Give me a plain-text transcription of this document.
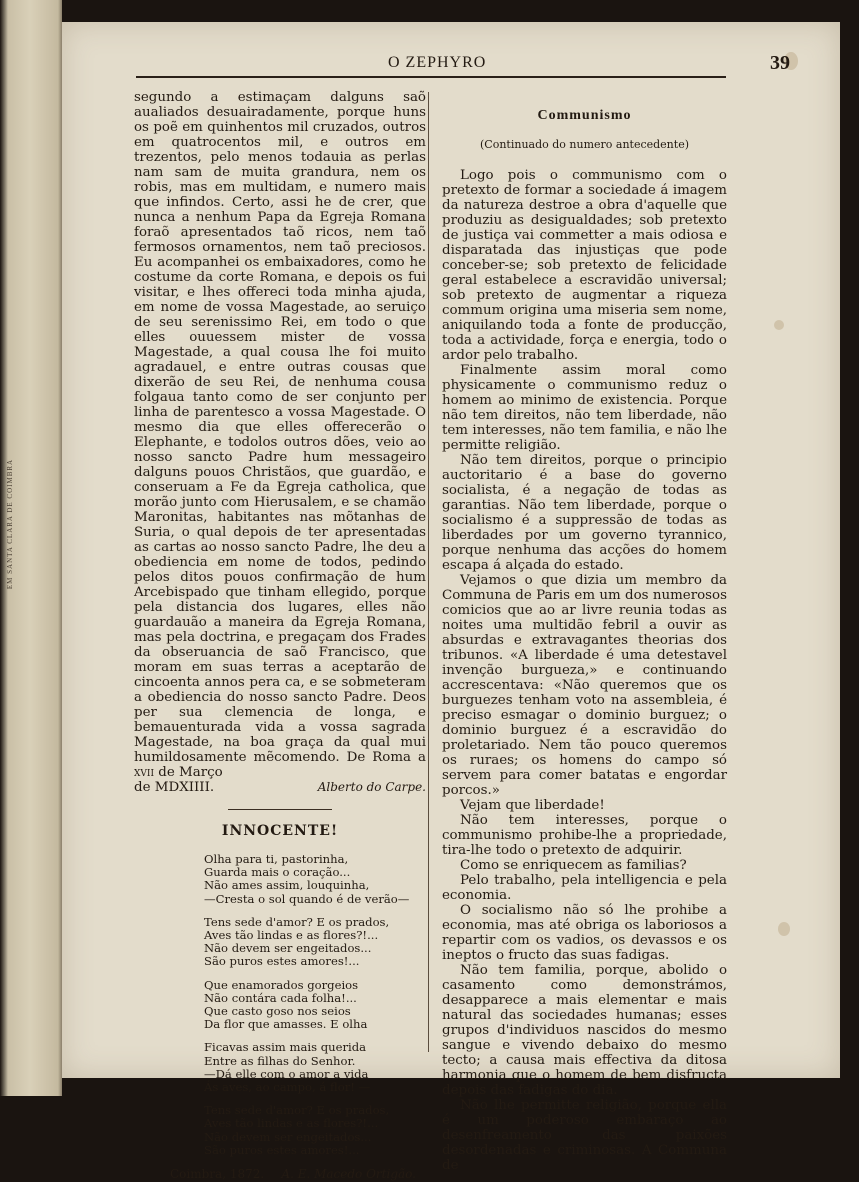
EM SANTA CLARA DE COIMBRA
O ZEPHYRO	39

segundo a estimaçam dalguns saõ aualiados desuairadamente, porque huns os poẽ em quinhentos mil cruzados, outros em quatrocentos mil, e outros em trezentos, pelo menos todauia as perlas nam sam de muita grandura, nem os robis, mas em multidam, e numero mais que infindos. Certo, assi he de crer, que nunca a nenhum Papa da Egreja Romana foraõ apresentados taõ ricos, nem taõ fermosos ornamentos, nem taõ preciosos. Eu acompanhei os embaixadores, como he costume da corte Romana, e depois os fui visitar, e lhes offereci toda minha ajuda, em nome de vossa Magestade, ao seruiço de seu serenissimo Rei, em todo o que elles ouuessem mister de vossa Magestade, a qual cousa lhe foi muito agradauel, e entre outras cousas que dixerão de seu Rei, de nenhuma cousa folgaua tanto como de ser conjunto per linha de parentesco a vossa Magestade. O mesmo dia que elles offerecerão o Elephante, e todolos outros dões, veio ao nosso sancto Padre hum messageiro dalguns pouos Christãos, que guardão, e conseruam a Fe da Egreja catholica, que morão junto com Hierusalem, e se chamão Maronitas, habitantes nas mõtanhas de Suria, o qual depois de ter apresentadas as cartas ao nosso sancto Padre, lhe deu a obediencia em nome de todos, pedindo pelos ditos pouos confirmação de hum Arcebispado que tinham ellegido, porque pela distancia dos lugares, elles não guardauão a maneira da Egreja Romana, mas pela doctrina, e pregaçam dos Frades da obseruancia de saõ Francisco, que moram em suas terras a aceptarão de cincoenta annos pera ca, e se sobmeteram a obediencia do nosso sancto Padre. Deos per sua clemencia de longa, e bemauenturada vida a vossa sagrada Magestade, na boa graça da qual mui humildosamente mẽcomendo. De Roma a xvii de Março

de MDXIIII.	Alberto do Carpe.
INNOCENTE!
Olha para ti, pastorinha,
Guarda mais o coração...
Não ames assim, louquinha,
—Cresta o sol quando é de verão—
Tens sede d'amor? E os prados,
Aves tão lindas e as flores?!...
Não devem ser engeitados...
São puros estes amores!...
Que enamorados gorgeios
Não contára cada folha!...
Que casto goso nos seios
Da flor que amasses. E olha
Ficavas assim mais querida
Entre as filhas do Senhor.
—Dá elle com o amor a vida
Ás aves, ao campo, á flor! —
Tens sede d'amor? E os prados,
Aves tão lindas e as flores?!...
Não devem ser engeitados...
São puros estes amores!...
Coimbra, 1872. A. E. Macedo Ortigão.
Communismo
(Continuado do numero antecedente)

Logo pois o communismo com o pretexto de formar a sociedade á imagem da natureza destroe a obra d'aquelle que produziu as desigualdades; sob pretexto de justiça vai commetter a mais odiosa e disparatada das injustiças que pode conceber-se; sob pretexto de felicidade geral estabelece a escravidão universal; sob pretexto de augmentar a riqueza commum origina uma miseria sem nome, aniquilando toda a fonte de producção, toda a actividade, força e energia, todo o ardor pelo trabalho.

Finalmente assim moral como physicamente o communismo reduz o homem ao minimo de existencia. Porque não tem direitos, não tem liberdade, não tem interesses, não tem familia, e não lhe permitte religião.

Não tem direitos, porque o principio auctoritario é a base do governo socialista, é a negação de todas as garantias. Não tem liberdade, porque o socialismo é a suppressão de todas as liberdades por um governo tyrannico, porque nenhuma das acções do homem escapa á alçada do estado.

Vejamos o que dizia um membro da Communa de Paris em um dos numerosos comicios que ao ar livre reunia todas as noites uma multidão febril a ouvir as absurdas e extravagantes theorias dos tribunos. «A liberdade é uma detestavel invenção burgueza,» e continuando accrescentava: «Não queremos que os burguezes tenham voto na assembleia, é preciso esmagar o dominio burguez; o dominio burguez é a escravidão do proletariado. Nem tão pouco queremos os ruraes; os homens do campo só servem para comer batatas e engordar porcos.»

Vejam que liberdade!

Não tem interesses, porque o communismo prohibe-lhe a propriedade, tira-lhe todo o pretexto de adquirir.

Como se enriquecem as familias?

Pelo trabalho, pela intelligencia e pela economia.

O socialismo não só lhe prohibe a economia, mas até obriga os laboriosos a repartir com os vadios, os devassos e os ineptos o fructo das suas fadigas.

Não tem familia, porque, abolido o casamento como demonstrámos, desapparece a mais elementar e mais natural das sociedades humanas; esses grupos d'individuos nascidos do mesmo sangue e vivendo debaixo do mesmo tecto; a causa mais effectiva da ditosa harmonia que o homem de bem disfructa depois das fadigas do dia.

Não lhe permitte religião, porque ella é um poderoso embaraço ao desenfreamento das paixões desordenadas e criminosas. A Communa de
